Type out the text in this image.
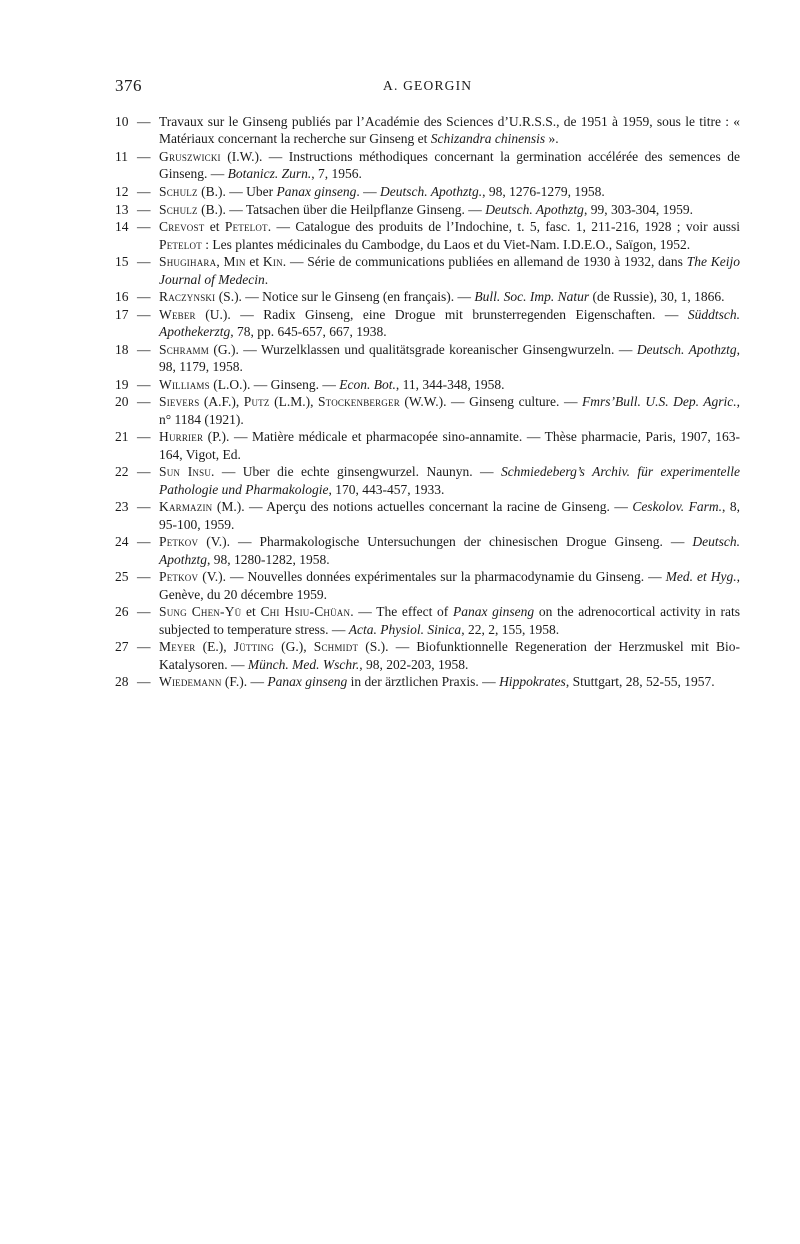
376	A. GEORGIN
10 — Travaux sur le Ginseng publiés par l’Académie des Sciences d’U.R.S.S., de 1951 à 1959, sous le titre : « Matériaux concernant la recherche sur Ginseng et Schizandra chinensis ».
11 — Gruszwicki (I.W.). — Instructions méthodiques concernant la germination accélérée des semences de Ginseng. — Botanicz. Zurn., 7, 1956.
12 — Schulz (B.). — Uber Panax ginseng. — Deutsch. Apothztg., 98, 1276-1279, 1958.
13 — Schulz (B.). — Tatsachen über die Heilpflanze Ginseng. — Deutsch. Apothztg, 99, 303-304, 1959.
14 — Crevost et Petelot. — Catalogue des produits de l’Indochine, t. 5, fasc. 1, 211-216, 1928 ; voir aussi Petelot : Les plantes médicinales du Cambodge, du Laos et du Viet-Nam. I.D.E.O., Saïgon, 1952.
15 — Shugihara, Min et Kin. — Série de communications publiées en allemand de 1930 à 1932, dans The Keijo Journal of Medecin.
16 — Raczynski (S.). — Notice sur le Ginseng (en français). — Bull. Soc. Imp. Natur (de Russie), 30, 1, 1866.
17 — Weber (U.). — Radix Ginseng, eine Drogue mit brunsterregenden Eigenschaften. — Süddtsch. Apothekerztg, 78, pp. 645-657, 667, 1938.
18 — Schramm (G.). — Wurzelklassen und qualitätsgrade koreanischer Ginsengwurzeln. — Deutsch. Apothztg, 98, 1179, 1958.
19 — Williams (L.O.). — Ginseng. — Econ. Bot., 11, 344-348, 1958.
20 — Sievers (A.F.), Putz (L.M.), Stockenberger (W.W.). — Ginseng culture. — Fmrs’Bull. U.S. Dep. Agric., n° 1184 (1921).
21 — Hurrier (P.). — Matière médicale et pharmacopée sino-annamite. — Thèse pharmacie, Paris, 1907, 163-164, Vigot, Ed.
22 — Sun Insu. — Uber die echte ginsengwurzel. Naunyn. — Schmiedeberg’s Archiv. für experimentelle Pathologie und Pharmakologie, 170, 443-457, 1933.
23 — Karmazin (M.). — Aperçu des notions actuelles concernant la racine de Ginseng. — Ceskolov. Farm., 8, 95-100, 1959.
24 — Petkov (V.). — Pharmakologische Untersuchungen der chinesischen Drogue Ginseng. — Deutsch. Apothztg, 98, 1280-1282, 1958.
25 — Petkov (V.). — Nouvelles données expérimentales sur la pharmacodynamie du Ginseng. — Med. et Hyg., Genève, du 20 décembre 1959.
26 — Sung Chen-Yü et Chi Hsiu-Chüan. — The effect of Panax ginseng on the adrenocortical activity in rats subjected to temperature stress. — Acta. Physiol. Sinica, 22, 2, 155, 1958.
27 — Meyer (E.), Jütting (G.), Schmidt (S.). — Biofunktionnelle Regeneration der Herzmuskel mit Bio-Katalysoren. — Münch. Med. Wschr., 98, 202-203, 1958.
28 — Wiedemann (F.). — Panax ginseng in der ärztlichen Praxis. — Hippokrates, Stuttgart, 28, 52-55, 1957.
